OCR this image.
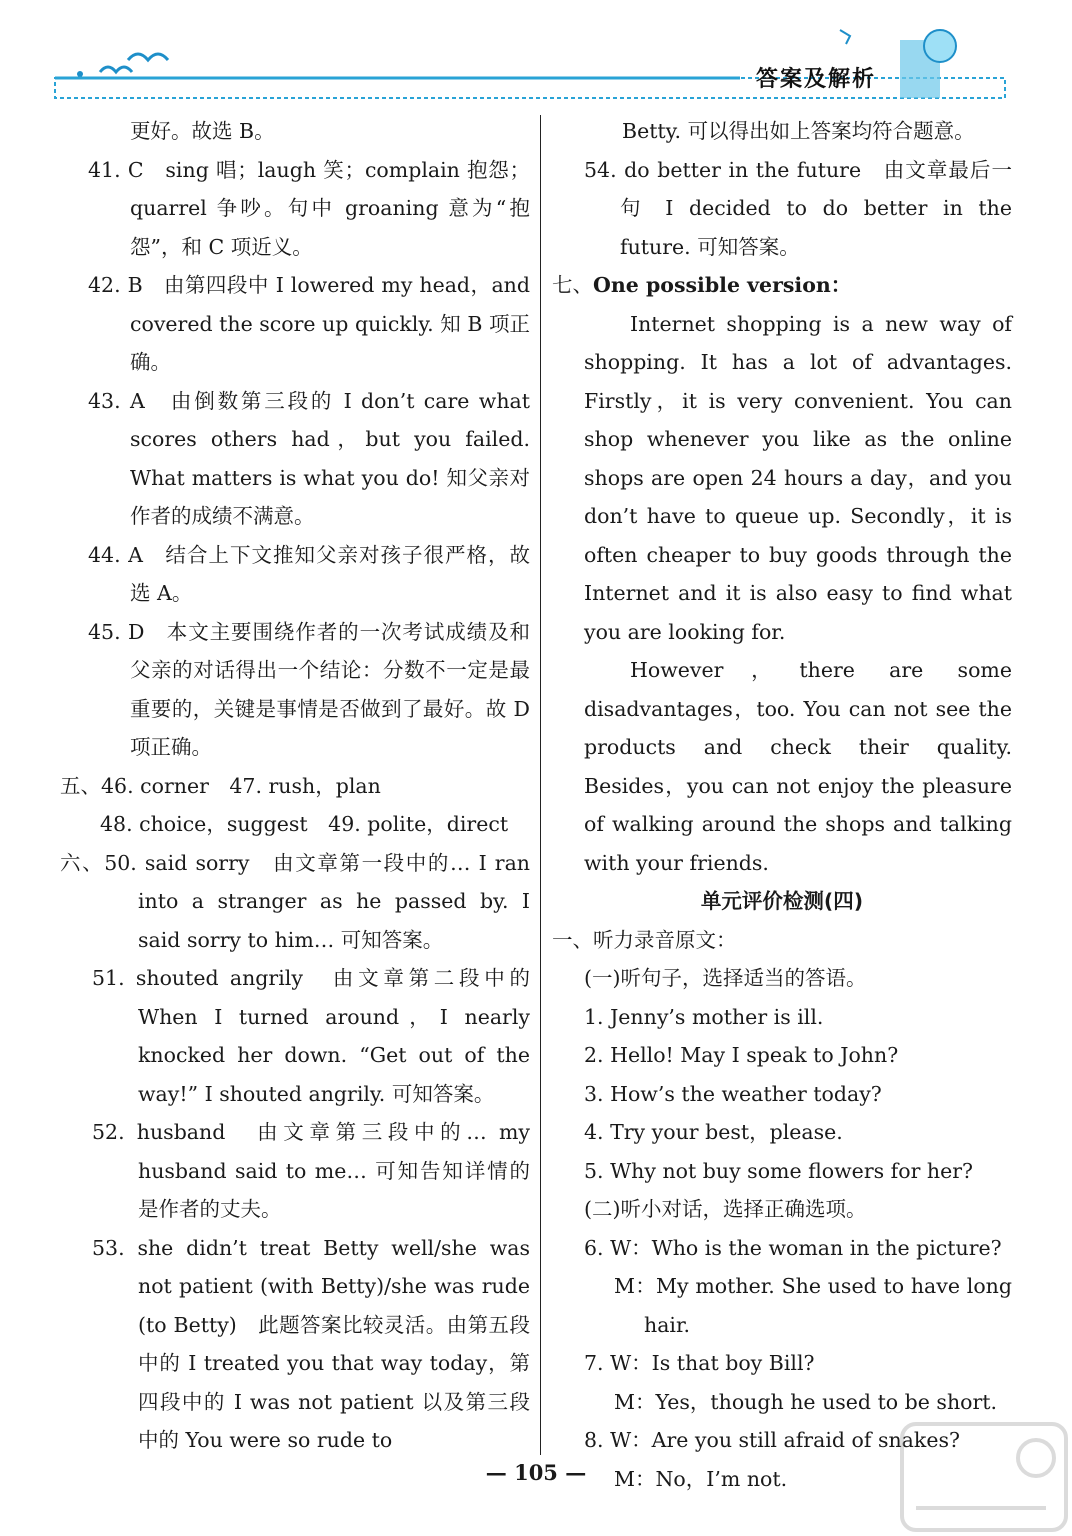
答案及解析

更好。故选 B。

41. C　sing 唱；laugh 笑；complain 抱怨；quarrel 争吵。句中 groaning 意为“抱怨”，和 C 项近义。

42. B　由第四段中 I lowered my head，and covered the score up quickly. 知 B 项正确。

43. A　由倒数第三段的 I don’t care what scores others had，but you failed. What matters is what you do! 知父亲对作者的成绩不满意。

44. A　结合上下文推知父亲对孩子很严格，故选 A。

45. D　本文主要围绕作者的一次考试成绩及和父亲的对话得出一个结论：分数不一定是最重要的，关键是事情是否做到了最好。故 D 项正确。

五、46. corner　47. rush，plan

48. choice，suggest　49. polite，direct

六、50. said sorry　由文章第一段中的… I ran into a stranger as he passed by. I said sorry to him… 可知答案。

51. shouted angrily　由文章第二段中的 When I turned around，I nearly knocked her down. “Get out of the way!” I shouted angrily. 可知答案。

52. husband　由文章第三段中的… my husband said to me… 可知告知详情的是作者的丈夫。

53. she didn’t treat Betty well/she was not patient (with Betty)/she was rude (to Betty)　此题答案比较灵活。由第五段中的 I treated you that way today，第四段中的 I was not patient 以及第三段中的 You were so rude to

Betty. 可以得出如上答案均符合题意。

54. do better in the future　由文章最后一句 I decided to do better in the future. 可知答案。

七、One possible version：

Internet shopping is a new way of shopping. It has a lot of advantages. Firstly，it is very convenient. You can shop whenever you like as the online shops are open 24 hours a day，and you don’t have to queue up. Secondly，it is often cheaper to buy goods through the Internet and it is also easy to find what you are looking for.

However，there are some disadvantages，too. You can not see the products and check their quality. Besides，you can not enjoy the pleasure of walking around the shops and talking with your friends.

单元评价检测(四)

一、听力录音原文：

(一)听句子，选择适当的答语。

1. Jenny’s mother is ill.

2. Hello! May I speak to John?

3. How’s the weather today?

4. Try your best，please.

5. Why not buy some flowers for her?

(二)听小对话，选择正确选项。

6. W：Who is the woman in the picture?

M：My mother. She used to have long hair.

7. W：Is that boy Bill?

M：Yes，though he used to be short.

8. W：Are you still afraid of snakes?

M：No，I’m not.

— 105 —
